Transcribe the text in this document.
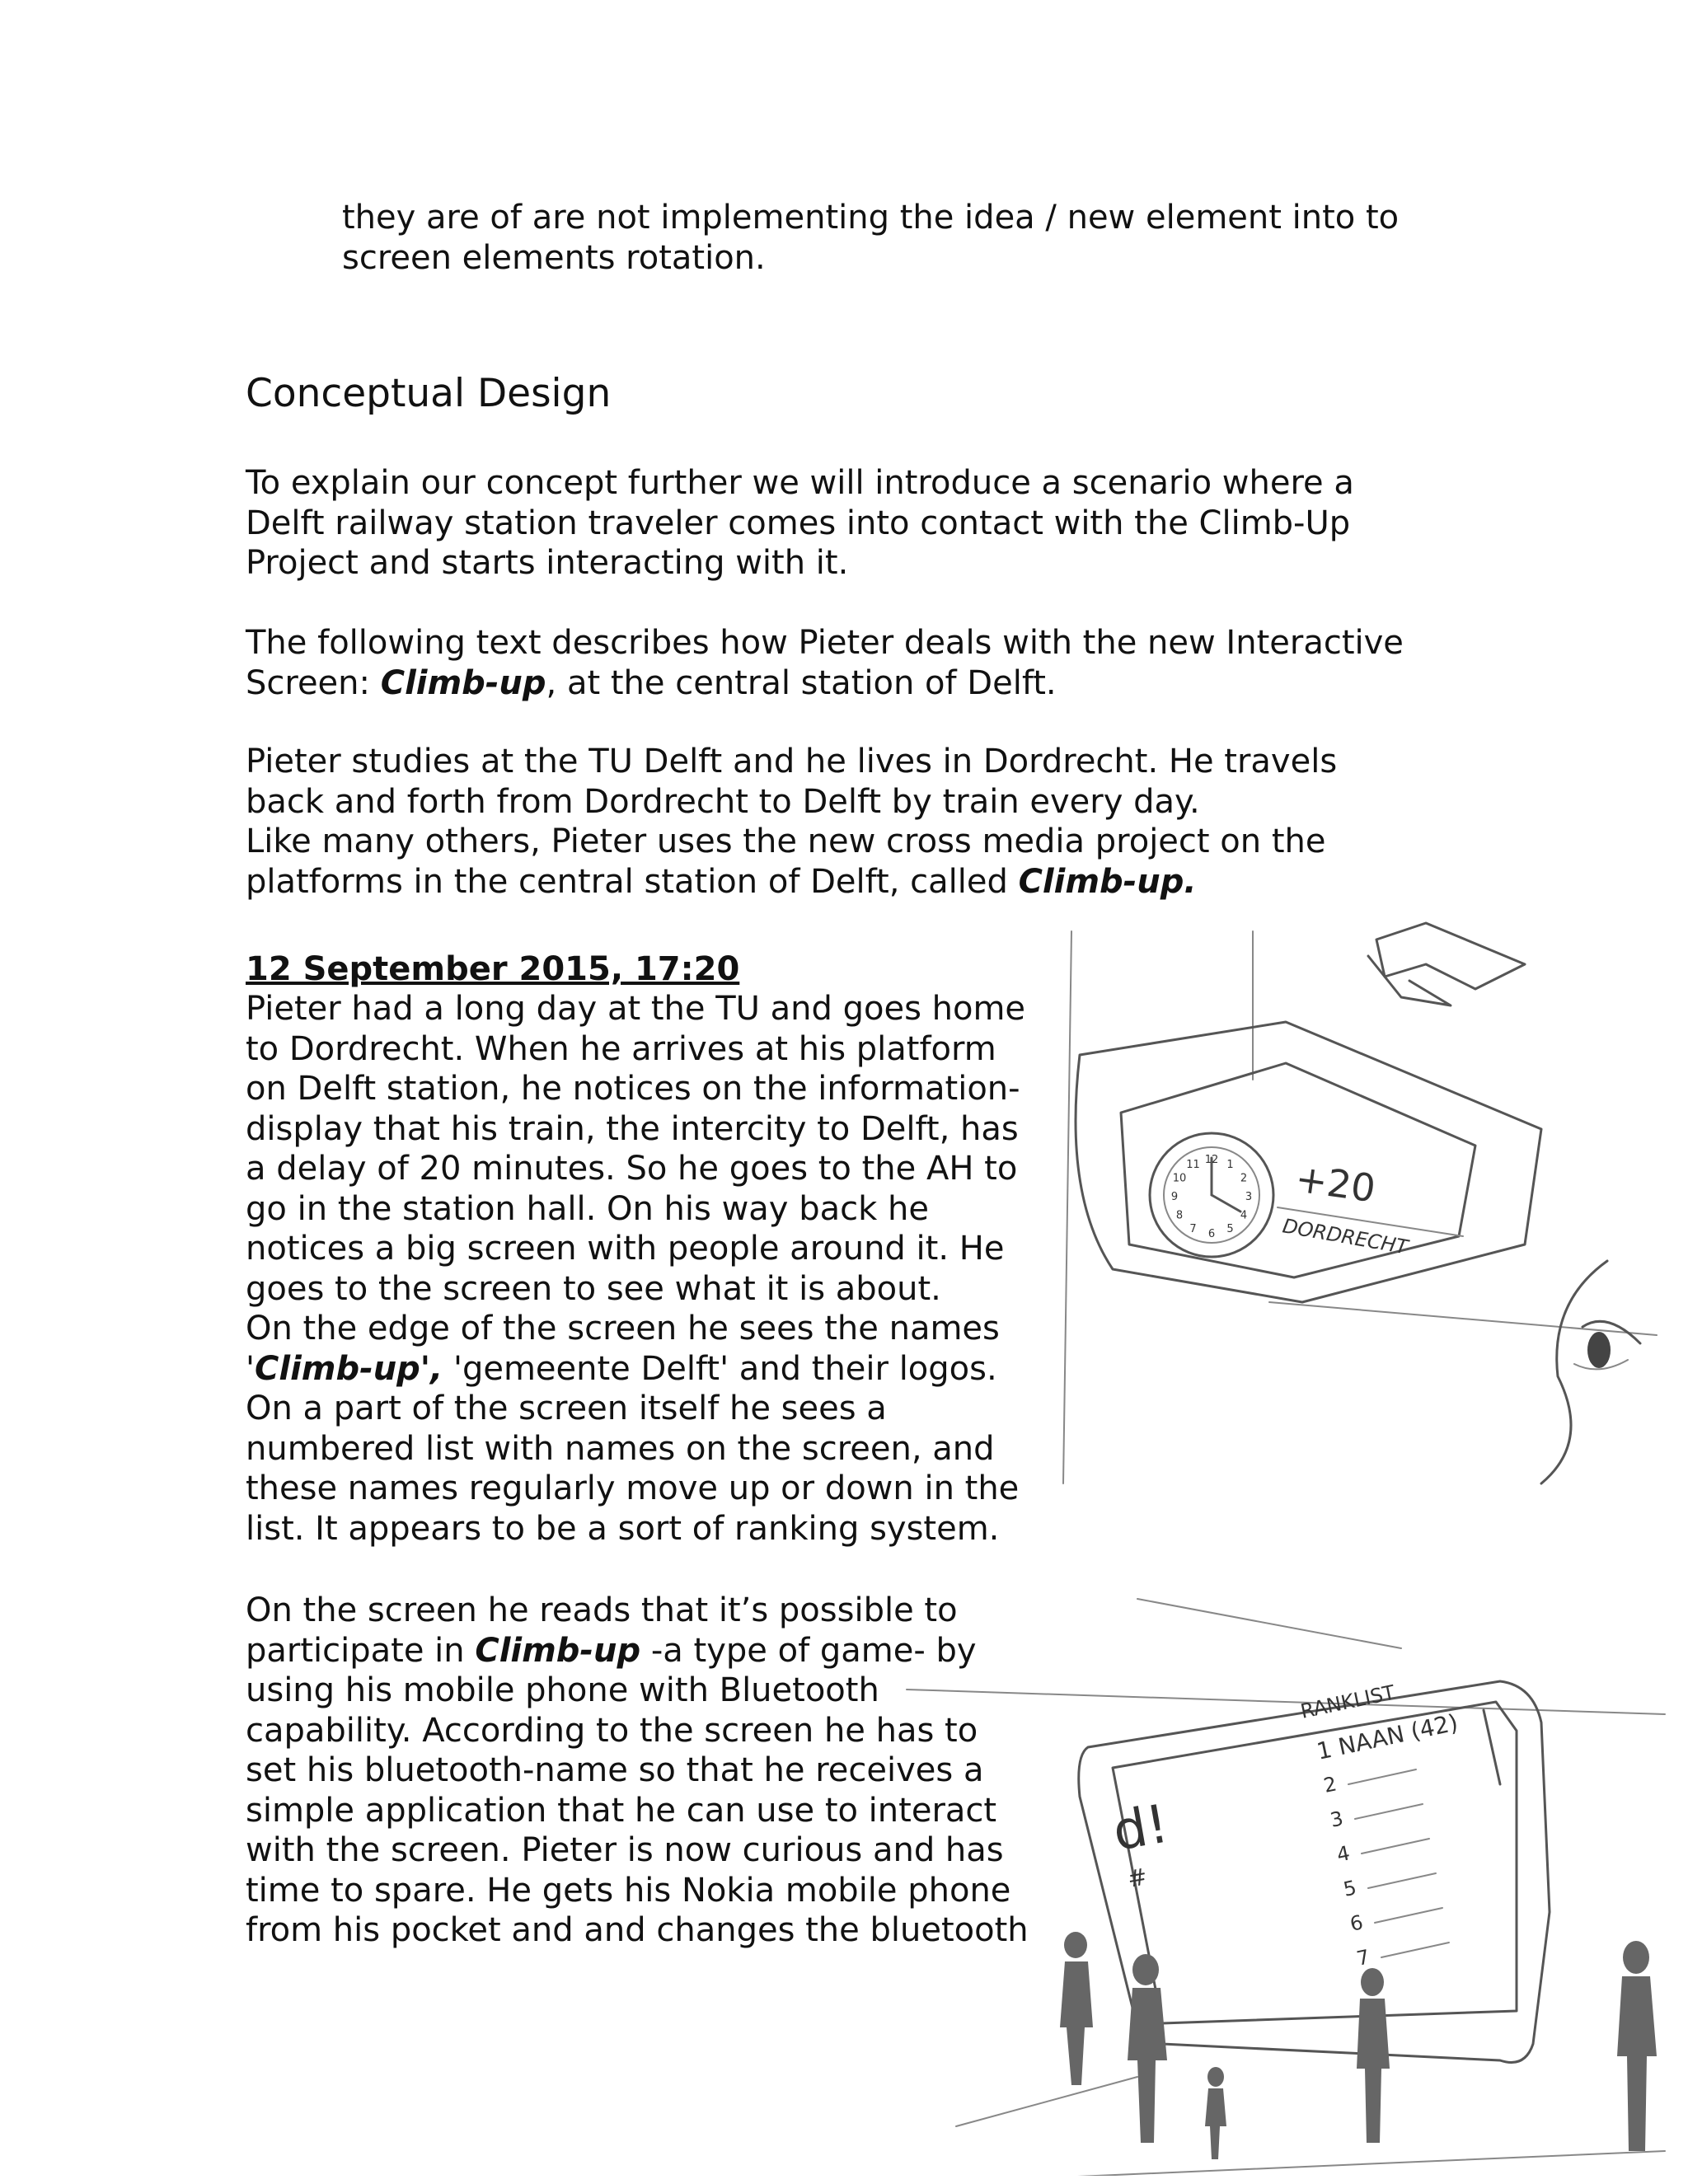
they are of are not implementing the idea / new element into to
screen elements rotation.

Conceptual Design

To explain our concept further we will introduce a scenario where a
Delft railway station traveler comes into contact with the Climb-Up
Project and starts interacting with it.

The following text describes how Pieter deals with the new Interactive
Screen: Climb-up, at the central station of Delft.

Pieter studies at the TU Delft and he lives in Dordrecht. He travels
back and forth from Dordrecht to Delft by train every day.
Like many others, Pieter uses the new cross media project on the
platforms in the central station of Delft, called Climb-up.

12 September 2015, 17:20

Pieter had a long day at the TU and goes home
to Dordrecht. When he arrives at his platform
on Delft station, he notices on the information-
display that his train, the intercity to Delft, has
a delay of 20 minutes. So he goes to the AH to
go in the station hall. On his way back he
notices a big screen with people around it. He
goes to the screen to see what it is about.
On the edge of the screen he sees the names
'Climb-up', 'gemeente Delft' and their logos.
On a part of the screen itself he sees a
numbered list with names on the screen, and
these names regularly move up or down in the
list. It appears to be a sort of ranking system.

On the screen he reads that it’s possible to
participate in Climb-up -a type of game- by
using his mobile phone with Bluetooth
capability. According to the screen he has to
set his bluetooth-name so that he receives a
simple application that he can use to interact
with the screen. Pieter is now curious and has
time to spare. He gets his Nokia mobile phone
from his pocket and and changes the bluetooth

12 1
2
3
4
5
6
7
8
9
10
11 +20
DORDRECHT
d!
#
RANKLIST
1 NAAN (42)
2
3
4
5
6
7
